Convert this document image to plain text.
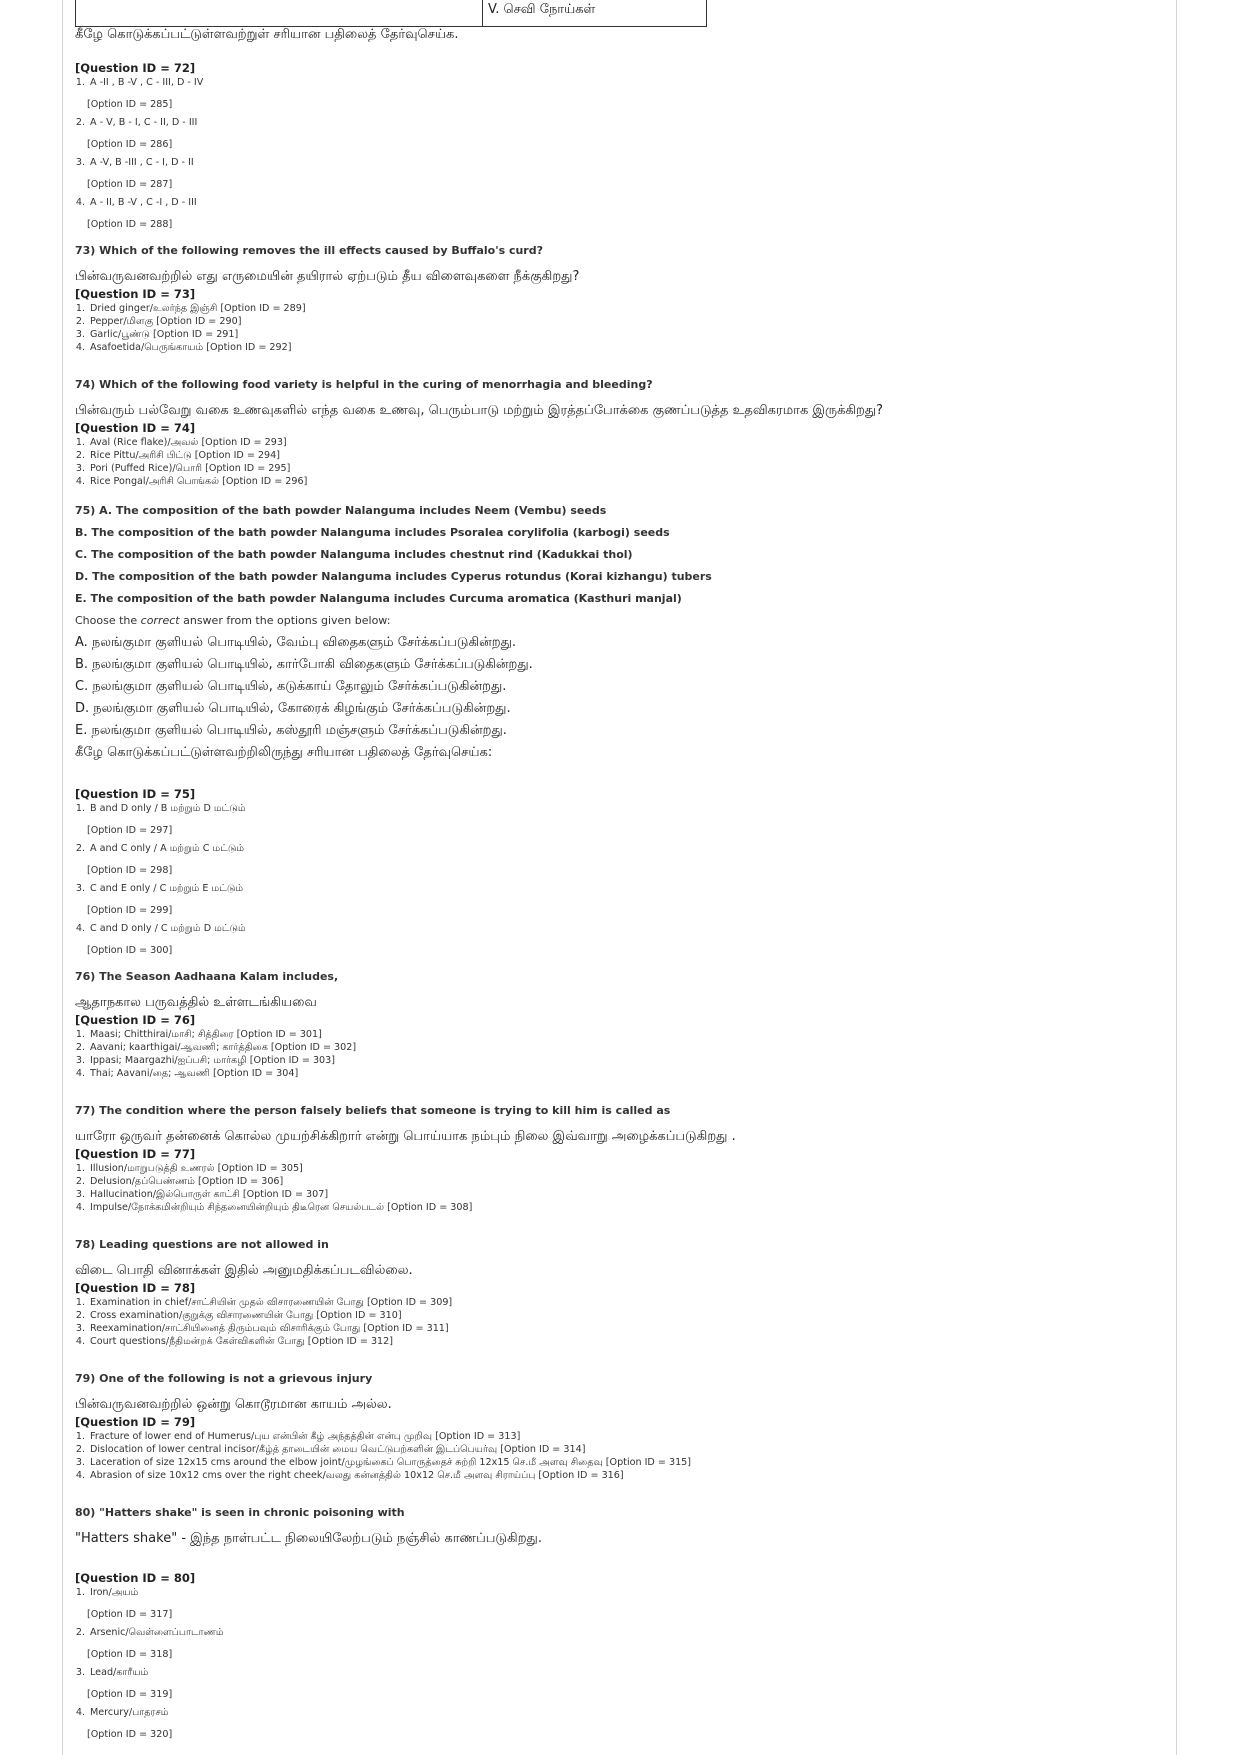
V. செவி நோய்கள்
கீழே கொடுக்கப்பட்டுள்ளவற்றுள் சரியான பதிலைத் தேர்வுசெய்க.
[Question ID = 72]
1. A -II , B -V , C - III, D - IV
[Option ID = 285]
2. A - V, B - I, C - II, D - III
[Option ID = 286]
3. A -V, B -III , C - I, D - II
[Option ID = 287]
4. A - II, B -V , C -I , D - III
[Option ID = 288]
73) Which of the following removes the ill effects caused by Buffalo's curd?
பின்வருவனவற்றில் எது எருமையின் தயிரால் ஏற்படும் தீய விளைவுகளை நீக்குகிறது?
[Question ID = 73]
1. Dried ginger/உலர்ந்த இஞ்சி [Option ID = 289]
2. Pepper/மிளகு [Option ID = 290]
3. Garlic/பூண்டு [Option ID = 291]
4. Asafoetida/பெருங்காயம் [Option ID = 292]
74) Which of the following food variety is helpful in the curing of menorrhagia and bleeding?
பின்வரும் பல்வேறு வகை உணவுகளில் எந்த வகை உணவு, பெரும்பாடு மற்றும் இரத்தப்போக்கை குணப்படுத்த உதவிகரமாக இருக்கிறது?
[Question ID = 74]
1. Aval (Rice flake)/அவல் [Option ID = 293]
2. Rice Pittu/அரிசி பிட்டு [Option ID = 294]
3. Pori (Puffed Rice)/பொரி [Option ID = 295]
4. Rice Pongal/அரிசி பொங்கல் [Option ID = 296]
75) A. The composition of the bath powder Nalanguma includes Neem (Vembu) seeds
B. The composition of the bath powder Nalanguma includes Psoralea corylifolia (karbogi) seeds
C. The composition of the bath powder Nalanguma includes chestnut rind (Kadukkai thol)
D. The composition of the bath powder Nalanguma includes Cyperus rotundus (Korai kizhangu) tubers
E. The composition of the bath powder Nalanguma includes Curcuma aromatica (Kasthuri manjal)
Choose the correct answer from the options given below:
A. நலங்குமா குளியல் பொடியில், வேம்பு விதைகளும் சேர்க்கப்படுகின்றது.
B. நலங்குமா குளியல் பொடியில், கார்போகி விதைகளும் சேர்க்கப்படுகின்றது.
C. நலங்குமா குளியல் பொடியில், கடுக்காய் தோலும் சேர்க்கப்படுகின்றது.
D. நலங்குமா குளியல் பொடியில், கோரைக் கிழங்கும் சேர்க்கப்படுகின்றது.
E. நலங்குமா குளியல் பொடியில், கஸ்தூரி மஞ்சளும் சேர்க்கப்படுகின்றது.
கீழே கொடுக்கப்பட்டுள்ளவற்றிலிருந்து சரியான பதிலைத் தேர்வுசெய்க:
[Question ID = 75]
1. B and D only / B மற்றும் D மட்டும்
[Option ID = 297]
2. A and C only / A மற்றும் C மட்டும்
[Option ID = 298]
3. C and E only / C மற்றும் E மட்டும்
[Option ID = 299]
4. C and D only / C மற்றும் D மட்டும்
[Option ID = 300]
76) The Season Aadhaana Kalam includes,
ஆதாநகால பருவத்தில் உள்ளடங்கியவை
[Question ID = 76]
1. Maasi; Chitthirai/மாசி; சித்திரை [Option ID = 301]
2. Aavani; kaarthigai/ஆவணி; கார்த்திகை [Option ID = 302]
3. Ippasi; Maargazhi/ஐப்பசி; மார்கழி [Option ID = 303]
4. Thai; Aavani/தை; ஆவணி [Option ID = 304]
77) The condition where the person falsely beliefs that someone is trying to kill him is called as
யாரோ ஒருவர் தன்னைக் கொல்ல முயற்சிக்கிறார் என்று பொய்யாக நம்பும் நிலை இவ்வாறு அழைக்கப்படுகிறது .
[Question ID = 77]
1. Illusion/மாறுபடுத்தி உணரல் [Option ID = 305]
2. Delusion/தப்பெண்ணம் [Option ID = 306]
3. Hallucination/இல்பொருள் காட்சி [Option ID = 307]
4. Impulse/நோக்கமின்றியும் சிந்தனையின்றியும் திடீரென செயல்படல் [Option ID = 308]
78) Leading questions are not allowed in
விடை பொதி வினாக்கள் இதில் அனுமதிக்கப்படவில்லை.
[Question ID = 78]
1. Examination in chief/சாட்சியின் முதல் விசாரணையின் போது [Option ID = 309]
2. Cross examination/குறுக்கு விசாரணையின் போது [Option ID = 310]
3. Reexamination/சாட்சியினைத் திரும்பவும் விசாரிக்கும் போது [Option ID = 311]
4. Court questions/நீதிமன்றக் கேள்விகளின் போது [Option ID = 312]
79) One of the following is not a grievous injury
பின்வருவனவற்றில் ஒன்று கொடூரமான காயம் அல்ல.
[Question ID = 79]
1. Fracture of lower end of Humerus/புய என்பின் கீழ் அந்தத்தின் என்பு முறிவு [Option ID = 313]
2. Dislocation of lower central incisor/கீழ்த் தாடையின் மைய வெட்டுபற்களின் இடப்பெயர்வு [Option ID = 314]
3. Laceration of size 12x15 cms around the elbow joint/முழங்கைப் பொருத்தைச் சுற்றி 12x15 செ.மீ அளவு சிதைவு [Option ID = 315]
4. Abrasion of size 10x12 cms over the right cheek/வலது கன்னத்தில் 10x12 செ.மீ அளவு சிராய்ப்பு [Option ID = 316]
80) "Hatters shake" is seen in chronic poisoning with
"Hatters shake" - இந்த நாள்பட்ட நிலையிலேற்படும் நஞ்சில் காணப்படுகிறது.
[Question ID = 80]
1. Iron/அயம்
[Option ID = 317]
2. Arsenic/வெள்ளைப்பாடாணம்
[Option ID = 318]
3. Lead/காரீயம்
[Option ID = 319]
4. Mercury/பாதரசம்
[Option ID = 320]
